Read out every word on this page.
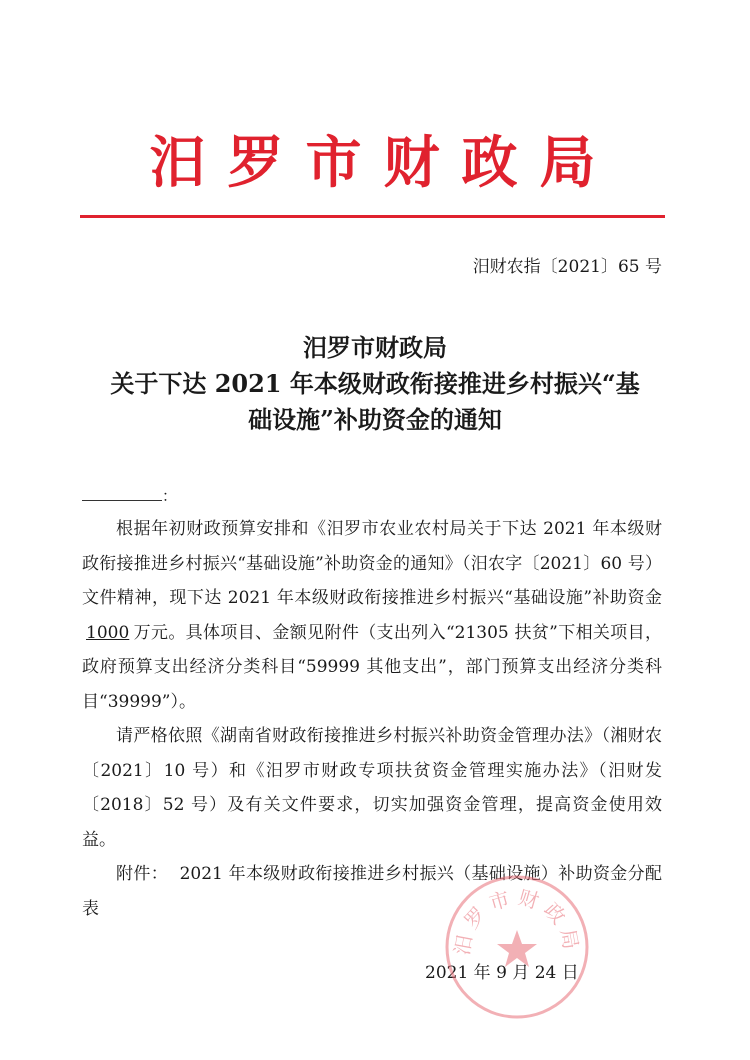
汨罗市财政局
汨财农指〔2021〕65 号
汨罗市财政局
关于下达 2021 年本级财政衔接推进乡村振兴“基
础设施”补助资金的通知
：

根据年初财政预算安排和《汨罗市农业农村局关于下达 2021 年本级财政衔接推进乡村振兴“基础设施”补助资金的通知》（汨农字〔2021〕60 号）文件精神，现下达 2021 年本级财政衔接推进乡村振兴“基础设施”补助资金1000 万元。具体项目、金额见附件（支出列入“21305 扶贫”下相关项目，政府预算支出经济分类科目“59999 其他支出”，部门预算支出经济分类科目“39999”）。

请严格依照《湖南省财政衔接推进乡村振兴补助资金管理办法》（湘财农〔2021〕10 号）和《汨罗市财政专项扶贫资金管理实施办法》（汨财发〔2018〕52 号）及有关文件要求，切实加强资金管理，提高资金使用效益。

附件： 2021 年本级财政衔接推进乡村振兴（基础设施）补助资金分配表

2021 年 9 月 24 日
汨罗市财政局
